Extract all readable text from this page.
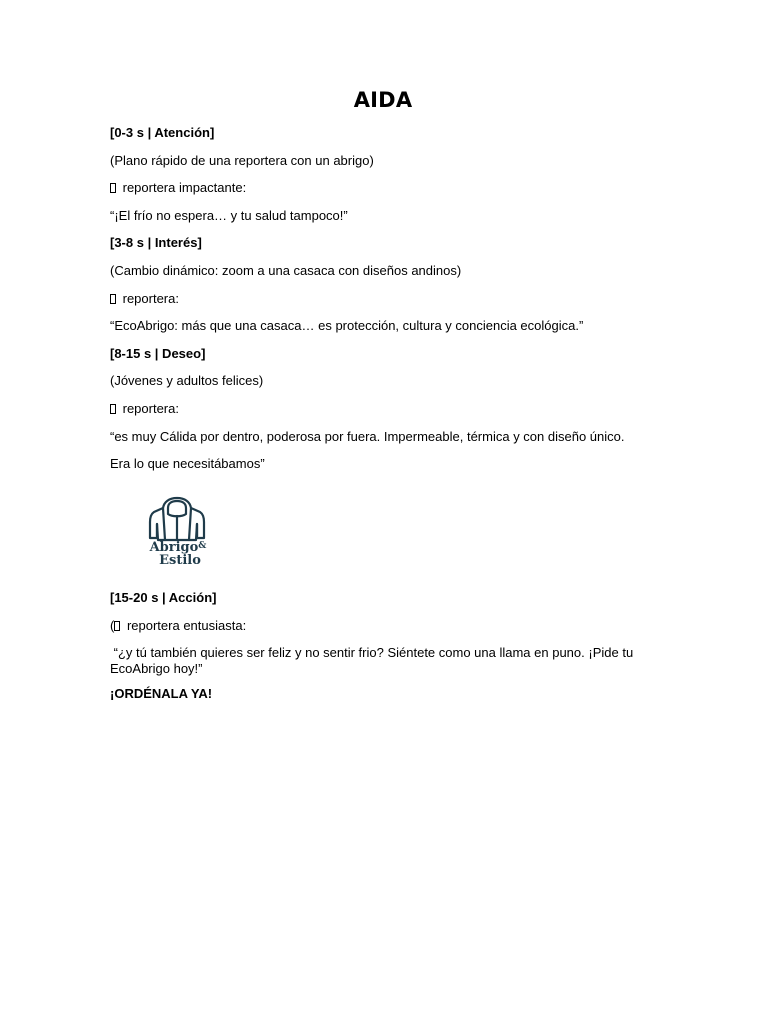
AIDA
[0-3 s | Atención]
(Plano rápido de una reportera con un abrigo)
reportera impactante:
“¡El frío no espera… y tu salud tampoco!”
[3-8 s | Interés]
(Cambio dinámico: zoom a una casaca con diseños andinos)
reportera:
“EcoAbrigo: más que una casaca… es protección, cultura y conciencia ecológica.”
[8-15 s | Deseo]
(Jóvenes y adultos felices)
reportera:
“es muy Cálida por dentro, poderosa por fuera. Impermeable, térmica y con diseño único.
Era lo que necesitábamos”
Abrigo&
Estilo
[15-20 s | Acción]
( reportera entusiasta:
“¿y tú también quieres ser feliz y no sentir frio? Siéntete como una llama en puno. ¡Pide tu EcoAbrigo hoy!”
¡ORDÉNALA YA!
